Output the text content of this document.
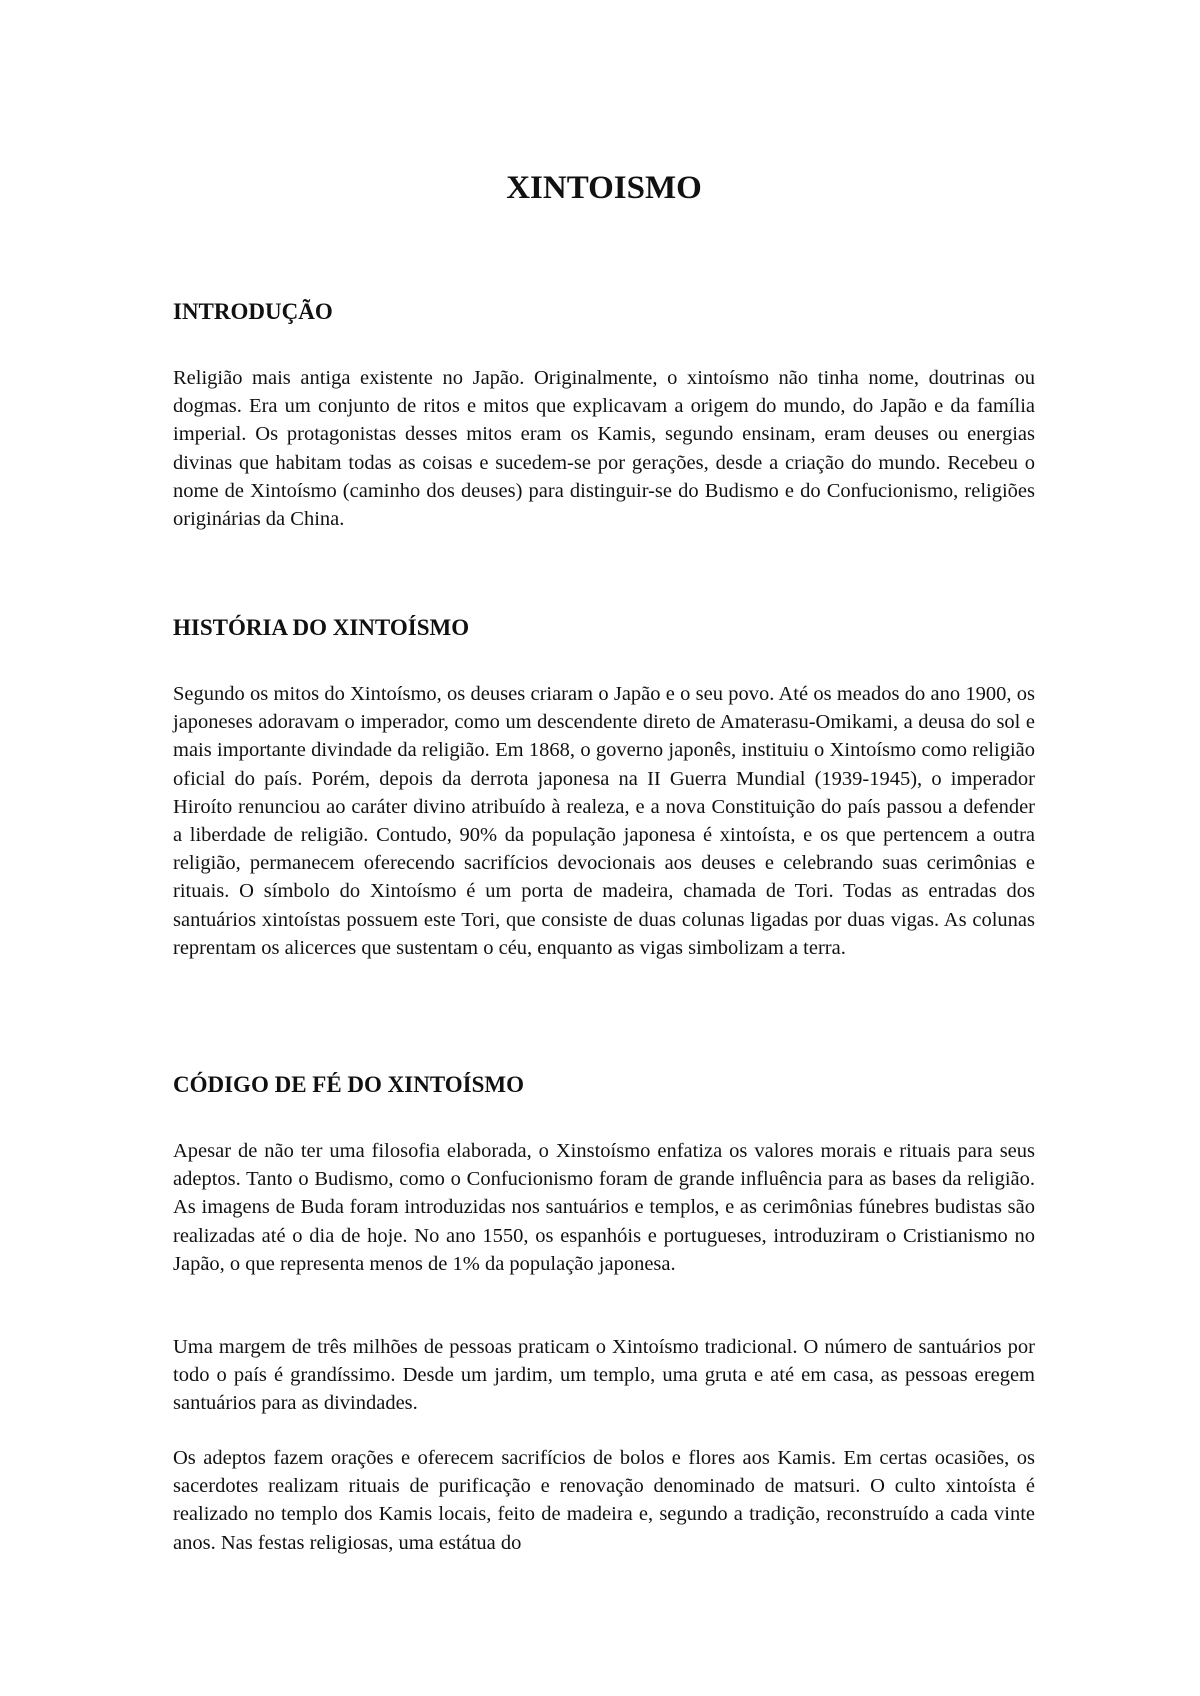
XINTOISMO
INTRODUÇÃO

Religião mais antiga existente no Japão. Originalmente, o xintoísmo não tinha nome, doutrinas ou dogmas. Era um conjunto de ritos e mitos que explicavam a origem do mundo, do Japão e da família imperial. Os protagonistas desses mitos eram os Kamis, segundo ensinam, eram deuses ou energias divinas que habitam todas as coisas e sucedem-se por gerações, desde a criação do mundo. Recebeu o nome de Xintoísmo (caminho dos deuses) para distinguir-se do Budismo e do Confucionismo, religiões originárias da China.

HISTÓRIA DO XINTOÍSMO

Segundo os mitos do Xintoísmo, os deuses criaram o Japão e o seu povo. Até os meados do ano 1900, os japoneses adoravam o imperador, como um descendente direto de Amaterasu-Omikami, a deusa do sol e mais importante divindade da religião. Em 1868, o governo japonês, instituiu o Xintoísmo como religião oficial do país. Porém, depois da derrota japonesa na II Guerra Mundial (1939-1945), o imperador Hiroíto renunciou ao caráter divino atribuído à realeza, e a nova Constituição do país passou a defender a liberdade de religião. Contudo, 90% da população japonesa é xintoísta, e os que pertencem a outra religião, permanecem oferecendo sacrifícios devocionais aos deuses e celebrando suas cerimônias e rituais. O símbolo do Xintoísmo é um porta de madeira, chamada de Tori. Todas as entradas dos santuários xintoístas possuem este Tori, que consiste de duas colunas ligadas por duas vigas. As colunas reprentam os alicerces que sustentam o céu, enquanto as vigas simbolizam a terra.

CÓDIGO DE FÉ DO XINTOÍSMO

Apesar de não ter uma filosofia elaborada, o Xinstoísmo enfatiza os valores morais e rituais para seus adeptos. Tanto o Budismo, como o Confucionismo foram de grande influência para as bases da religião. As imagens de Buda foram introduzidas nos santuários e templos, e as cerimônias fúnebres budistas são realizadas até o dia de hoje. No ano 1550, os espanhóis e portugueses, introduziram o Cristianismo no Japão, o que representa menos de 1% da população japonesa.

Uma margem de três milhões de pessoas praticam o Xintoísmo tradicional. O número de santuários por todo o país é grandíssimo. Desde um jardim, um templo, uma gruta e até em casa, as pessoas eregem santuários para as divindades.

Os adeptos fazem orações e oferecem sacrifícios de bolos e flores aos Kamis. Em certas ocasiões, os sacerdotes realizam rituais de purificação e renovação denominado de matsuri. O culto xintoísta é realizado no templo dos Kamis locais, feito de madeira e, segundo a tradição, reconstruído a cada vinte anos. Nas festas religiosas, uma estátua do
